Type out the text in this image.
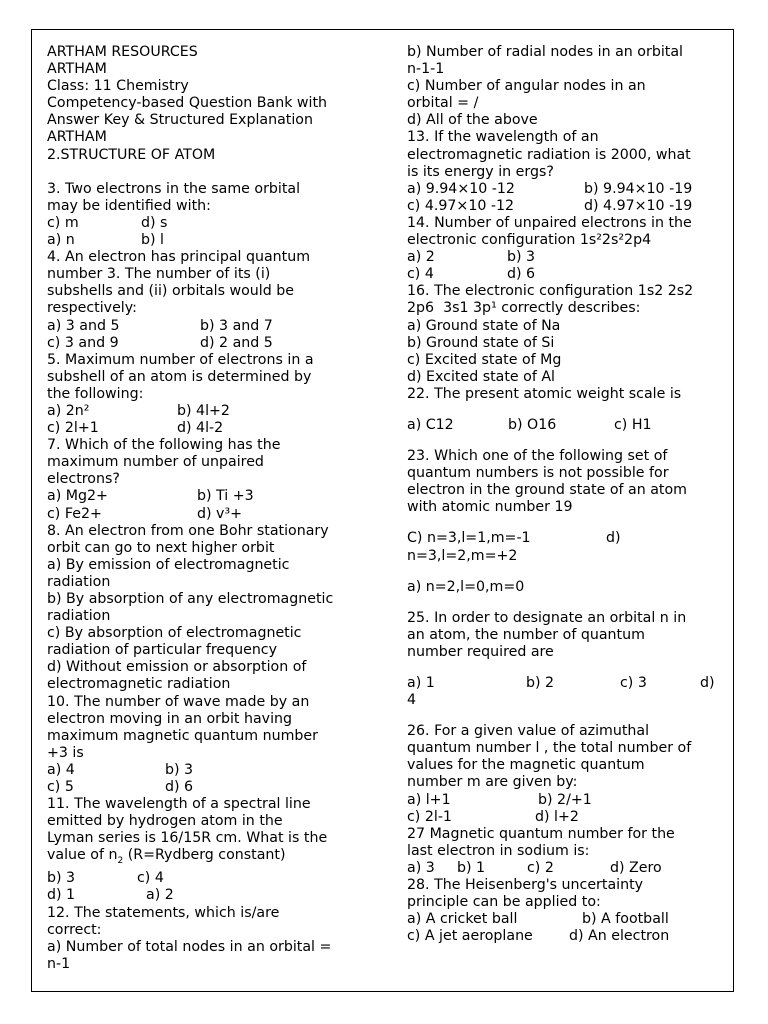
ARTHAM RESOURCES
ARTHAM
Class: 11 Chemistry
Competency-based Question Bank with
Answer Key & Structured Explanation
ARTHAM
2.STRUCTURE OF ATOM
3. Two electrons in the same orbital
may be identified with:
c) m	d) s
a) n	b) l
4. An electron has principal quantum
number 3. The number of its (i)
subshells and (ii) orbitals would be
respectively:
a) 3 and 5	b) 3 and 7
c) 3 and 9	d) 2 and 5
5. Maximum number of electrons in a
subshell of an atom is determined by
the following:
a) 2n²	b) 4l+2
c) 2l+1	d) 4l-2
7. Which of the following has the
maximum number of unpaired
electrons?
a) Mg2+	b) Ti +3
c) Fe2+	d) v³+
8. An electron from one Bohr stationary
orbit can go to next higher orbit
a) By emission of electromagnetic
radiation
b) By absorption of any electromagnetic
radiation
c) By absorption of electromagnetic
radiation of particular frequency
d) Without emission or absorption of
electromagnetic radiation
10. The number of wave made by an
electron moving in an orbit having
maximum magnetic quantum number
+3 is
a) 4	b) 3
c) 5	d) 6
11. The wavelength of a spectral line
emitted by hydrogen atom in the
Lyman series is 16/15R cm. What is the
value of $n_2$ (R=Rydberg constant)
b) 3	c) 4
d) 1	a) 2
12. The statements, which is/are
correct:
a) Number of total nodes in an orbital =
n-1
b) Number of radial nodes in an orbital
n-1-1
c) Number of angular nodes in an
orbital = /
d) All of the above
13. If the wavelength of an
electromagnetic radiation is 2000, what
is its energy in ergs?
a) 9.94×10 -12	b) 9.94×10 -19
c) 4.97×10 -12	d) 4.97×10 -19
14. Number of unpaired electrons in the
electronic configuration 1s²2s²2p4
a) 2	b) 3
c) 4	d) 6
16. The electronic configuration 1s2 2s2
2p6  3s1 3p¹ correctly describes:
a) Ground state of Na
b) Ground state of Si
c) Excited state of Mg
d) Excited state of Al
22. The present atomic weight scale is
a) C12	b) O16	c) H1
23. Which one of the following set of
quantum numbers is not possible for
electron in the ground state of an atom
with atomic number 19
C) n=3,l=1,m=-1	d)
n=3,l=2,m=+2
a) n=2,l=0,m=0
25. In order to designate an orbital n in
an atom, the number of quantum
number required are
a) 1	b) 2	c) 3	d)
4
26. For a given value of azimuthal
quantum number l , the total number of
values for the magnetic quantum
number m are given by:
a) l+1	b) 2/+1
c) 2l-1	d) l+2
27 Magnetic quantum number for the
last electron in sodium is:
a) 3 b) 1	c) 2	d) Zero
28. The Heisenberg's uncertainty
principle can be applied to:
a) A cricket ball	b) A football
c) A jet aeroplane	d) An electron
